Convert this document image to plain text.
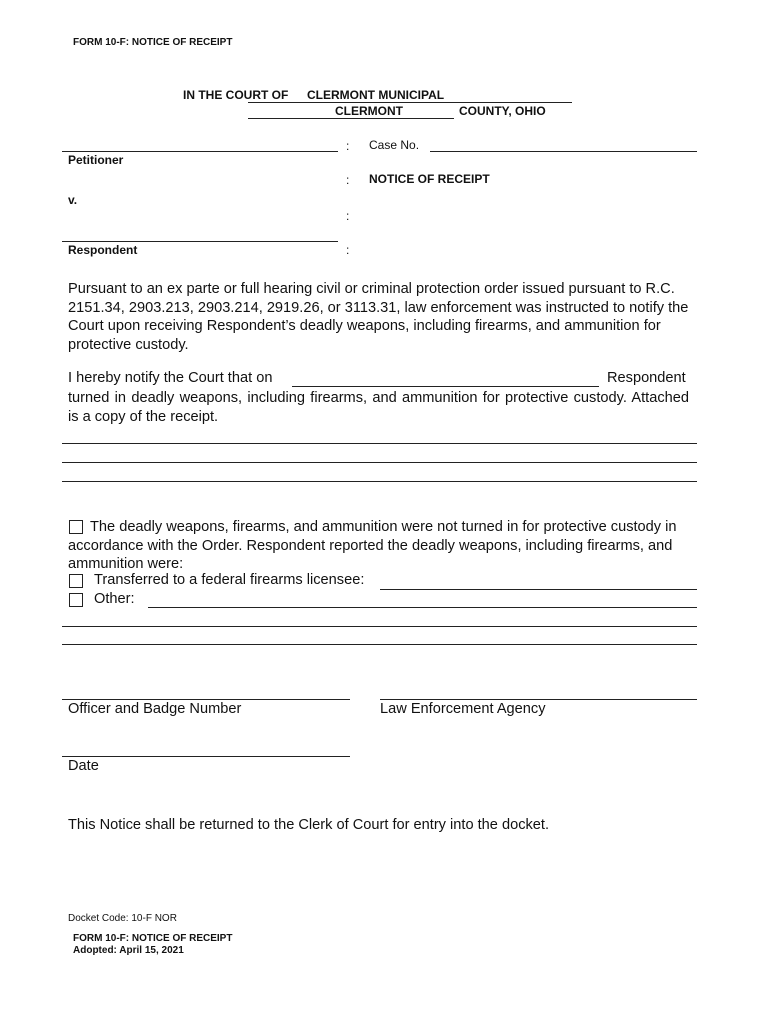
FORM 10-F: NOTICE OF RECEIPT
IN THE COURT OF CLERMONT MUNICIPAL
CLERMONT	COUNTY, OHIO
: Case No.
Petitioner
: NOTICE OF RECEIPT
v.
:
Respondent	:
Pursuant to an ex parte or full hearing civil or criminal protection order issued pursuant to R.C. 2151.34, 2903.213, 2903.214, 2919.26, or 3113.31, law enforcement was instructed to notify the Court upon receiving Respondent’s deadly weapons, including firearms, and ammunition for protective custody.
I hereby notify the Court that on	Respondent
turned in deadly weapons, including firearms, and ammunition for protective custody. Attached is a copy of the receipt.
The deadly weapons, firearms, and ammunition were not turned in for protective custody in accordance with the Order. Respondent reported the deadly weapons, including firearms, and ammunition were:
Transferred to a federal firearms licensee:
Other:
Officer and Badge Number	Law Enforcement Agency
Date
This Notice shall be returned to the Clerk of Court for entry into the docket.
Docket Code: 10-F NOR
FORM 10-F: NOTICE OF RECEIPT
Adopted: April 15, 2021
